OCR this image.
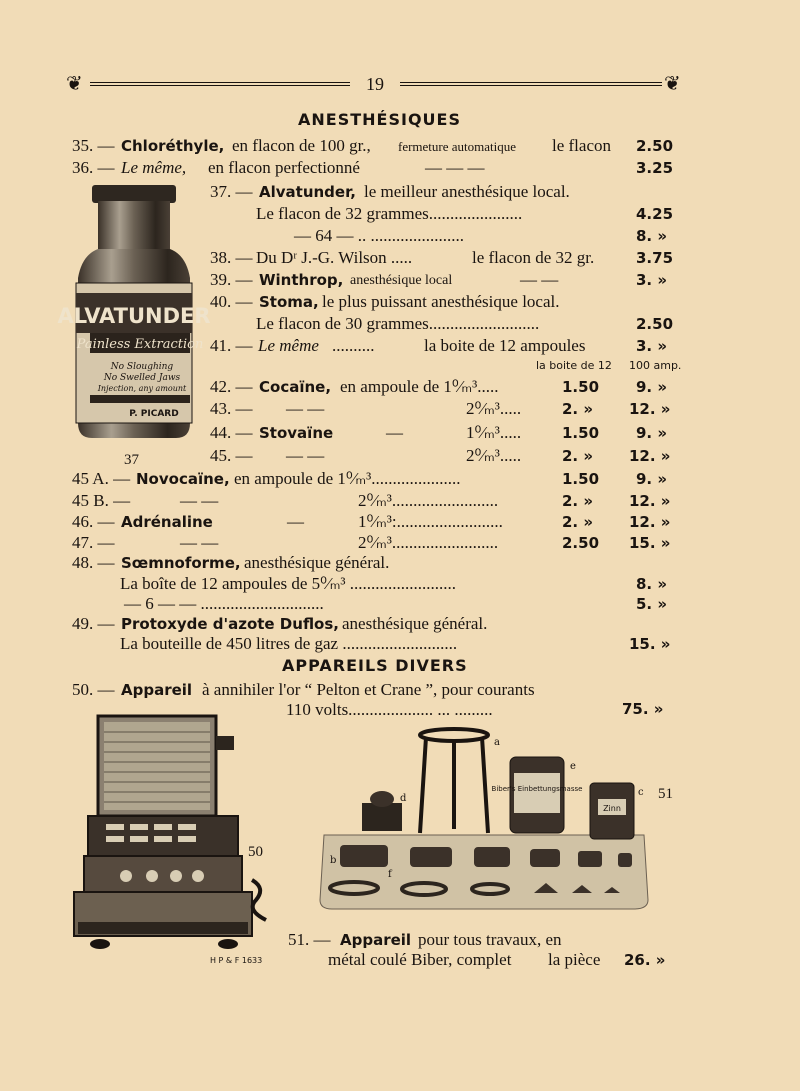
❦	19	❦
ANESTHÉSIQUES
35. — Chloréthyle, en flacon de 100 gr., fermeture automatique le flacon 2.50
36. — Le même, en flacon perfectionné	— — —	3.25
ALVATUNDER
Painless Extraction
No Sloughing
No Swelled Jaws
Injection, any amount
P. PICARD
37
37. — Alvatunder, le meilleur anesthésique local.
Le flacon de 32 grammes......................	4.25
— 64 — .. ......................	8. »
38. — Du Dʳ J.-G. Wilson .....	le flacon de 32 gr.	3.75
39. — Winthrop, anesthésique local	— —	3. »
40. — Stoma, le plus puissant anesthésique local.
Le flacon de 30 grammes..........................	2.50
41. — Le même ..........	la boite de 12 ampoules	3. »
la boite de 12 100 amp.
42. — Cocaïne, en ampoule de 1⁰⁄ₘ³.....	1.50 9. »
43. — — —	2⁰⁄ₘ³.....	2. » 12. »
44. — Stovaïne	—	1⁰⁄ₘ³.....	1.50 9. »
45. — — —	2⁰⁄ₘ³.....	2. » 12. »
45 A. — Novocaïne, en ampoule de 1⁰⁄ₘ³.....................	1.50 9. »
45 B. —	— —	2⁰⁄ₘ³.........................	2. » 12. »
46. — Adrénaline	—	1⁰⁄ₘ³:.........................	2. » 12. »
47. —	— —	2⁰⁄ₘ³.........................	2.50 15. »
48. — Sœmnoforme, anesthésique général.
La boîte de 12 ampoules de 5⁰⁄ₘ³ .........................	8. »
— 6 — — .............................	5. »
49. — Protoxyde d'azote Duflos, anesthésique général.
La bouteille de 450 litres de gaz ...........................	15. »
APPAREILS DIVERS
50. — Appareil à annihiler l'or “ Pelton et Crane ”, pour courants
110 volts.................... ... .........	75. »
50
H P & F 1633
Biber's Einbettungsmasse
Zinn
a
e
d
b
f
c 51
51. — Appareil pour tous travaux, en
métal coulé Biber, complet la pièce 26. »
